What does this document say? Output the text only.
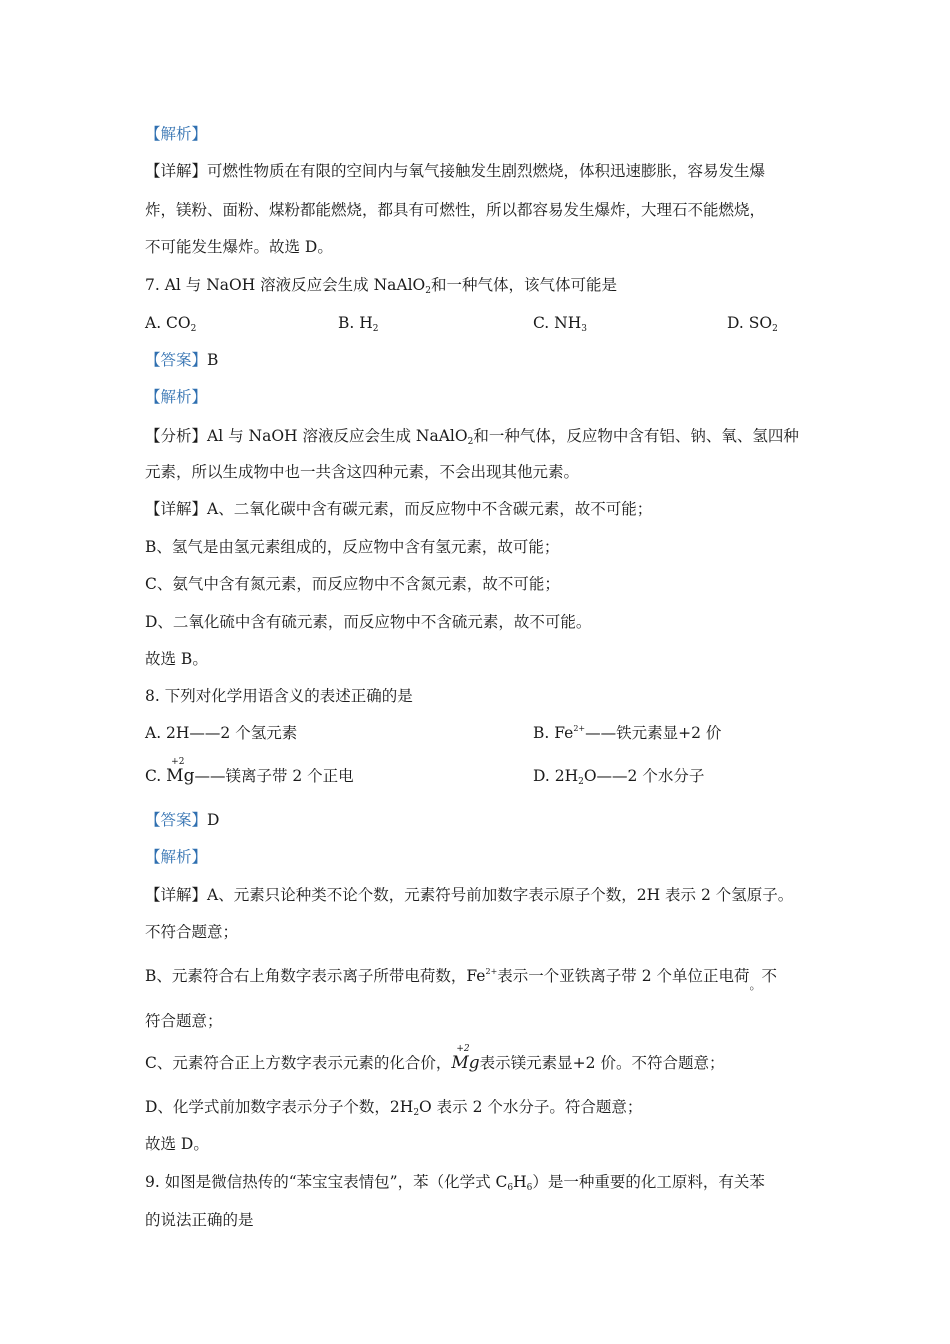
【解析】
【详解】可燃性物质在有限的空间内与氧气接触发生剧烈燃烧，体积迅速膨胀，容易发生爆
炸，镁粉、面粉、煤粉都能燃烧，都具有可燃性，所以都容易发生爆炸，大理石不能燃烧，
不可能发生爆炸。故选 D。
7. Al 与 NaOH 溶液反应会生成 NaAlO$_2$和一种气体，该气体可能是
A. $CO_2$	B. $H_2$	C. $NH_3$	D. $SO_2$
【答案】B
【解析】
【分析】Al 与 NaOH 溶液反应会生成 NaAlO$_2$和一种气体，反应物中含有铝、钠、氧、氢四种
元素，所以生成物中也一共含这四种元素，不会出现其他元素。
【详解】A、二氧化碳中含有碳元素，而反应物中不含碳元素，故不可能；
B、氢气是由氢元素组成的，反应物中含有氢元素，故可能；
C、氨气中含有氮元素，而反应物中不含氮元素，故不可能；
D、二氧化硫中含有硫元素，而反应物中不含硫元素，故不可能。
故选 B。
8. 下列对化学用语含义的表述正确的是
A. 2H——2 个氢元素	B. $Fe^{2+}——$铁元素显+2 价
C.
+2
Mg——镁离子带 2 个正电	D. $2H_2O——2$ 个水分子
【答案】D
【解析】
【详解】A、元素只论种类不论个数，元素符号前加数字表示原子个数，2H 表示 2 个氢原子。
不符合题意；
B、元素符合右上角数字表示离子所带电荷数，$Fe^{2+}$表示一个亚铁离子带 2 个单位正电荷$_。$不
符合题意；
C、元素符合正上方数字表示元素的化合价，
+2
Mg表示镁元素显+2 价。不符合题意；
D、化学式前加数字表示分子个数，$2H_2O$ 表示 2 个水分子。符合题意；
故选 D。
9. 如图是微信热传的“苯宝宝表情包”，苯（化学式 $C_6H_6$）是一种重要的化工原料，有关苯
的说法正确的是
